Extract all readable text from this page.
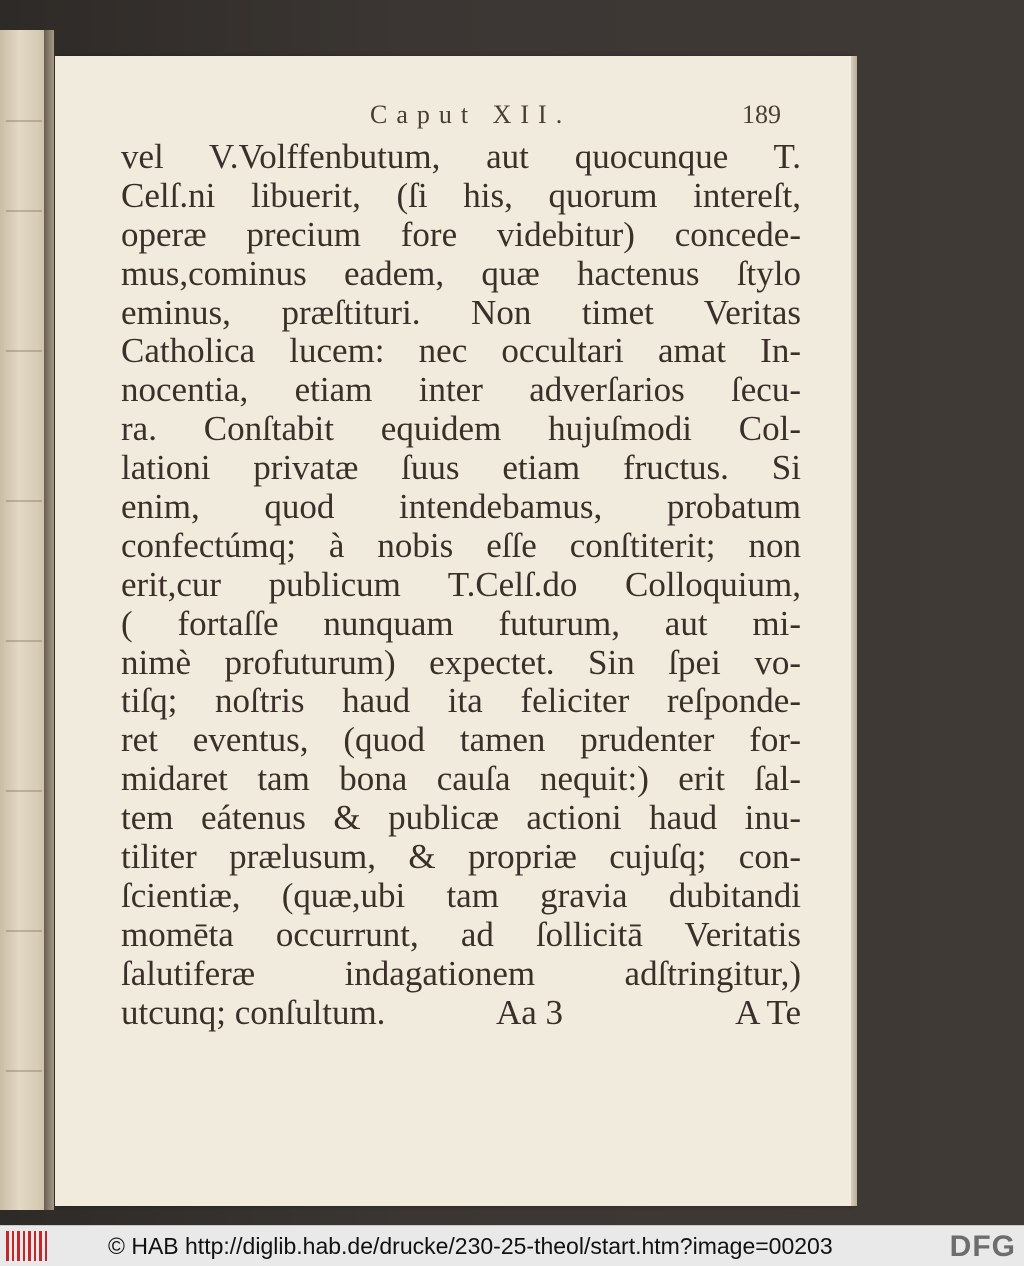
Caput XII.	189
vel V.Volffenbutum, aut quocunque T.
Celſ.ni libuerit, (ſi his, quorum intereſt,
operæ precium fore videbitur) concede-
mus,cominus eadem, quæ hactenus ſtylo
eminus, præſtituri. Non timet Veritas
Catholica lucem: nec occultari amat In-
nocentia, etiam inter adverſarios ſecu-
ra. Conſtabit equidem hujuſmodi Col-
lationi privatæ ſuus etiam fructus. Si
enim, quod intendebamus, probatum
confectúmq; à nobis eſſe conſtiterit; non
erit,cur publicum T.Celſ.do Colloquium,
( fortaſſe nunquam futurum, aut mi-
nimè profuturum) expectet. Sin ſpei vo-
tiſq; noſtris haud ita feliciter reſponde-
ret eventus, (quod tamen prudenter for-
midaret tam bona cauſa nequit:) erit ſal-
tem eátenus & publicæ actioni haud inu-
tiliter prælusum, & propriæ cujuſq; con-
ſcientiæ, (quæ,ubi tam gravia dubitandi
momēta occurrunt, ad ſollicitā Veritatis
ſalutiferæ indagationem adſtringitur,)
utcunq; conſultum.	Aa 3	A Te
© HAB http://diglib.hab.de/drucke/230-25-theol/start.htm?image=00203	DFG
